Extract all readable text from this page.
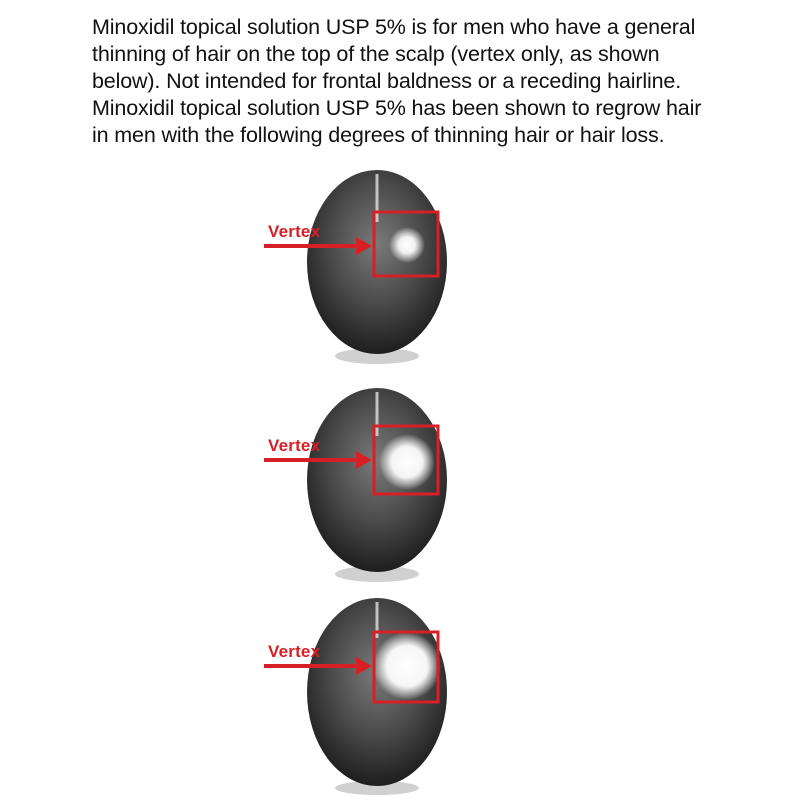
Minoxidil topical solution USP 5% is for men who have a general
thinning of hair on the top of the scalp (vertex only, as shown
below). Not intended for frontal baldness or a receding hairline.
Minoxidil topical solution USP 5% has been shown to regrow hair
in men with the following degrees of thinning hair or hair loss.

Vertex
Vertex
Vertex
